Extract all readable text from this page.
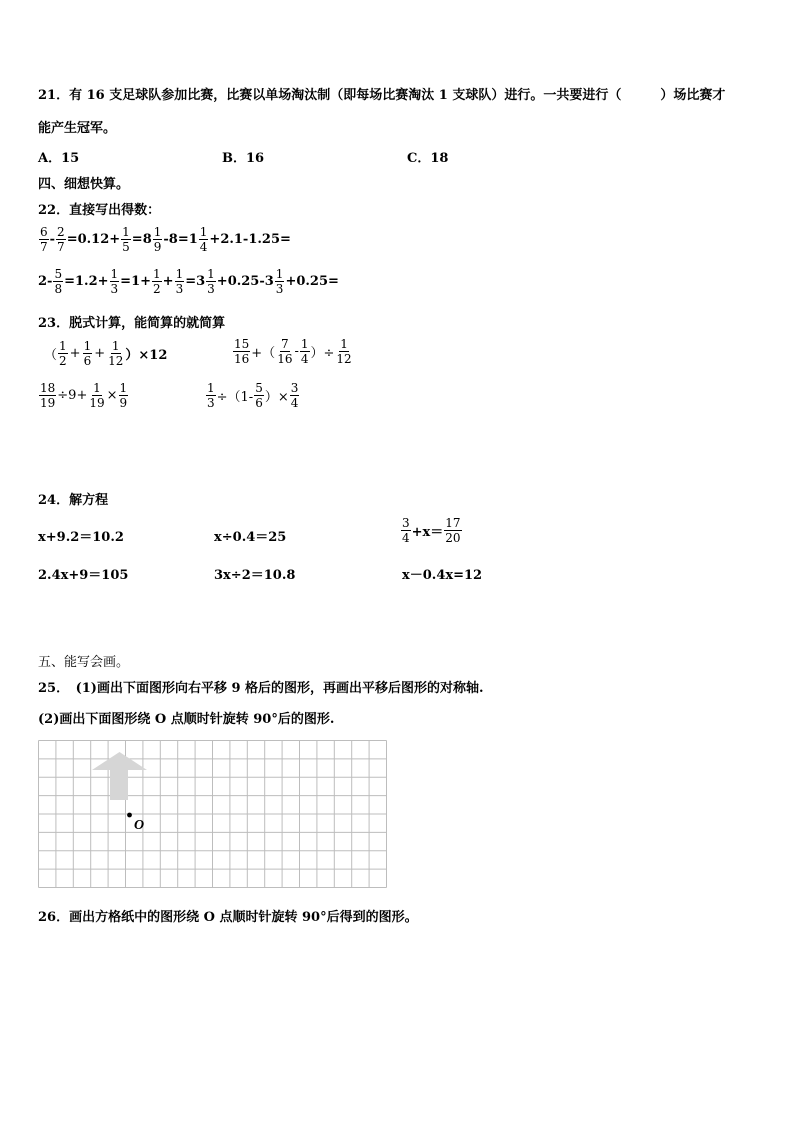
21．有 16 支足球队参加比赛，比赛以单场淘汰制（即每场比赛淘汰 1 支球队）进行。一共要进行（　　　）场比赛才
能产生冠军。
A．15	B．16	C．18
四、细想快算。
22．直接写出得数：
$\frac{6}{7} - \frac{2}{7} = 0.12+ \frac{1}{5} = 8 \frac{1}{9} -8= 1 \frac{1}{4} +2.1-1.25=$
$2- \frac{5}{8} = 1.2+ \frac{1}{3} = 1+ \frac{1}{2} + \frac{1}{3} = 3 \frac{1}{3} +0.25-3 \frac{1}{3} +0.25=$
23．脱式计算，能简算的就简算
（ $\frac{1}{2} + \frac{1}{6} + \frac{1}{12} )\times 12$	$\frac{15}{16}$ +（ $\frac{7}{16} - \frac{1}{4}$ ）÷ $\frac{1}{12}$
$\frac{18}{19} \div 9+ \frac{1}{19} \times \frac{1}{9}$	$\frac{1}{3} \div(1- \frac{5}{6}$ ）× $\frac{3}{4}$
24．解方程
x+9.2＝10.2	x÷0.4＝25	$\frac{3}{4} +x= \frac{17}{20}$
2.4x+9＝105	3x÷2＝10.8	x－0.4x=12
五、能写会画。
25．　(1)画出下面图形向右平移 9 格后的图形，再画出平移后图形的对称轴.
(2)画出下面图形绕 O 点顺时针旋转 90°后的图形.
O
26．画出方格纸中的图形绕 O 点顺时针旋转 90°后得到的图形。
